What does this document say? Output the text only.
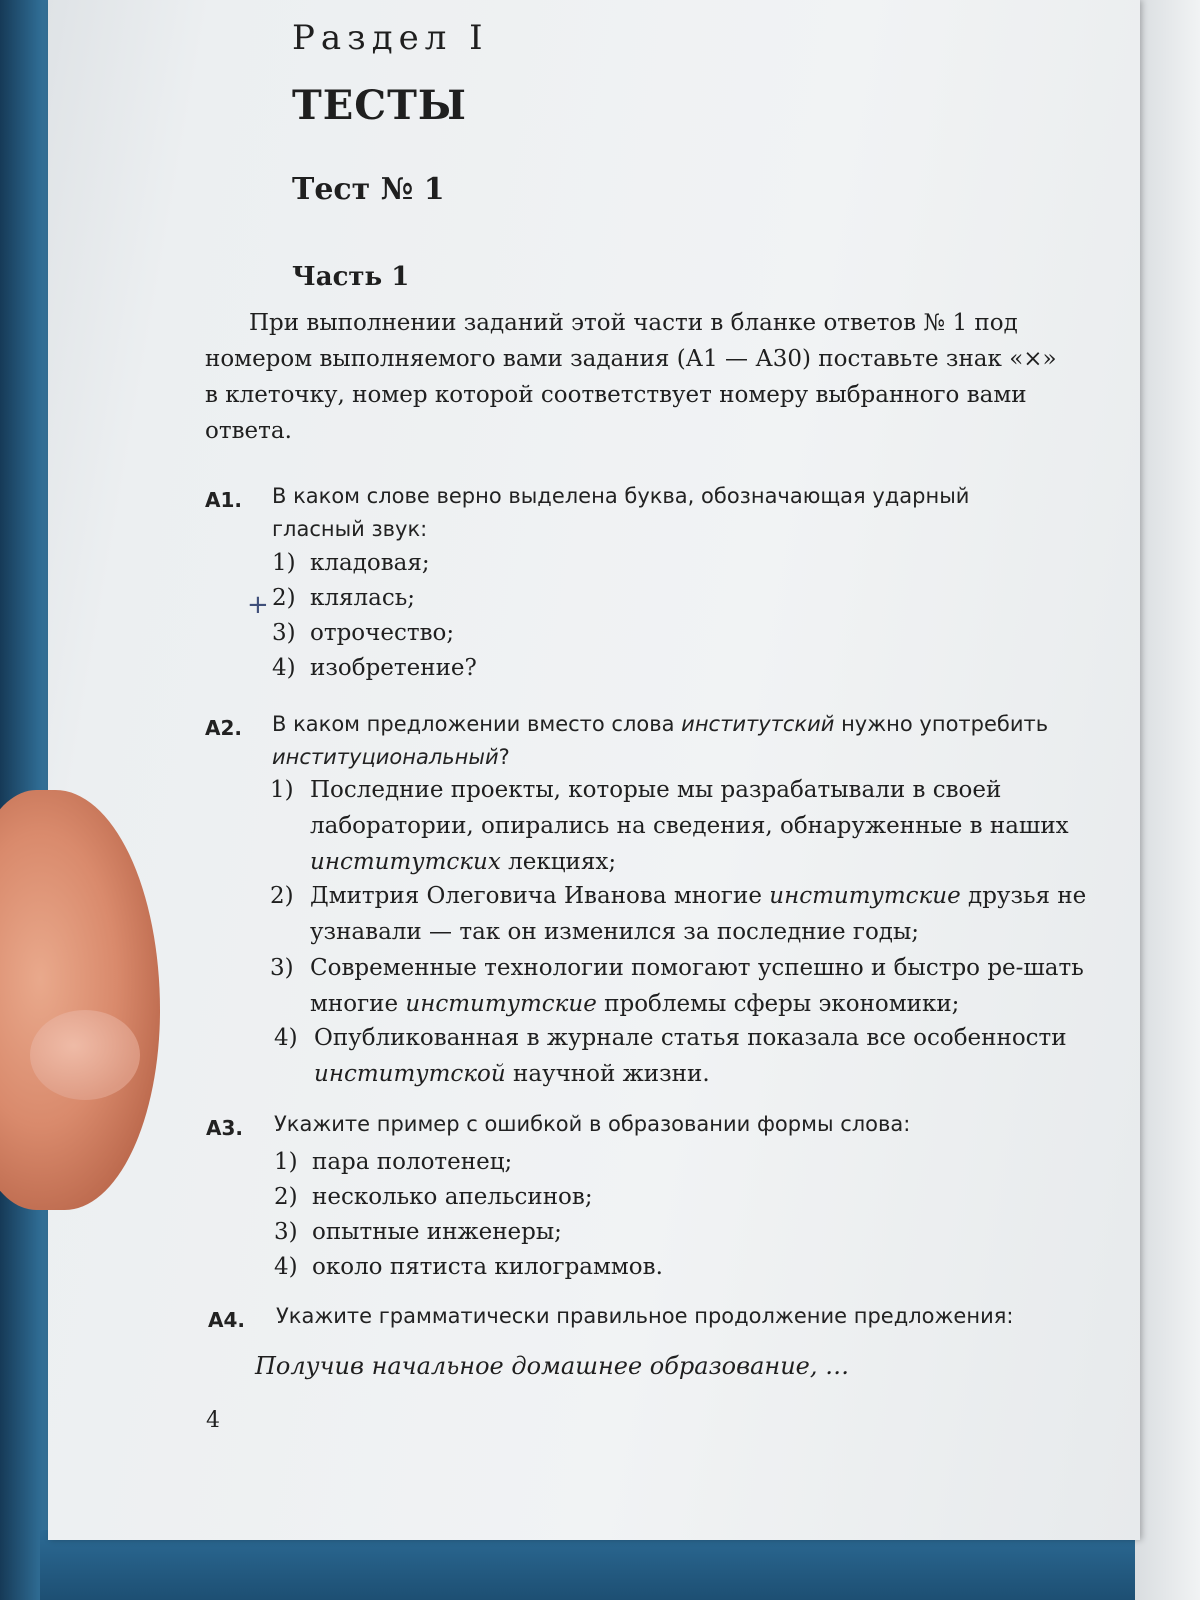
Раздел I
ТЕСТЫ
Тест № 1
Часть 1
При выполнении заданий этой части в бланке ответов № 1 под номером выполняемого вами задания (А1 — А30) поставьте знак «×» в клеточку, номер которой соответствует номеру выбранного вами ответа.
А1. В каком слове верно выделена буква, обозначающая ударный гласный звук:
1) кладовая;
2) клялась;
+
3) отрочество;
4) изобретение?
А2. В каком предложении вместо слова институтский нужно употребить институциональный?
1) Последние проекты, которые мы разрабатывали в своей лаборатории, опирались на сведения, обнаруженные в наших институтских лекциях;
2) Дмитрия Олеговича Иванова многие институтские друзья не узнавали — так он изменился за последние годы;
3) Современные технологии помогают успешно и быстро ре-шать многие институтские проблемы сферы экономики;
4) Опубликованная в журнале статья показала все особенности институтской научной жизни.
А3. Укажите пример с ошибкой в образовании формы слова:
1) пара полотенец;
2) несколько апельсинов;
3) опытные инженеры;
4) около пятиста килограммов.
А4. Укажите грамматически правильное продолжение предложения:
Получив начальное домашнее образование, …
4
